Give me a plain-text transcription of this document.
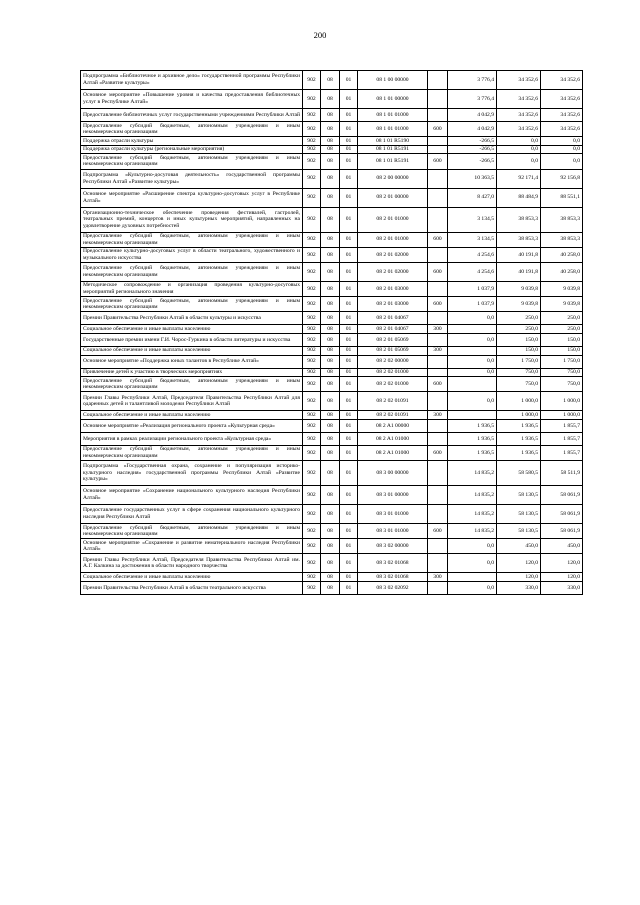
200
Подпрограмма «Библиотечное и архивное дело» государственной программы Республики Алтай «Развитие культуры»	902	08	01	08 1 00 00000		3 776,4	34 352,6	34 352,6
Основное мероприятие «Повышение уровня и качества предоставления библиотечных услуг в Республике Алтай»	902	08	01	08 1 01 00000		3 776,4	34 352,6	34 352,6
Предоставление библиотечных услуг государственными учреждениями Республики Алтай	902	08	01	08 1 01 01000		4 042,9	34 352,6	34 352,6
Предоставление субсидий бюджетным, автономным учреждениям и иным некоммерческим организациям	902	08	01	08 1 01 01000	600	4 042,9	34 352,6	34 352,6
Поддержка отрасли культуры	902	08	01	08 1 01 R5190		-266,5	0,0	0,0
Поддержка отрасли культуры (региональные мероприятия)	902	08	01	08 1 01 R5191		-266,5	0,0	0,0
Предоставление субсидий бюджетным, автономным учреждениям и иным некоммерческим организациям	902	08	01	08 1 01 R5191	600	-266,5	0,0	0,0
Подпрограмма «Культурно-досуговая деятельность» государственной программы Республики Алтай «Развитие культуры»	902	08	01	08 2 00 00000		10 363,5	92 171,4	92 156,8
Основное мероприятие «Расширение спектра культурно-досуговых услуг в Республике Алтай»	902	08	01	08 2 01 00000		8 427,0	88 484,9	88 551,1
Организационно-техническое обеспечение проведения фестивалей, гастролей, театральных премий, концертов и иных культурных мероприятий, направленных на удовлетворение духовных потребностей	902	08	01	08 2 01 01000		3 134,5	38 853,3	38 853,3
Предоставление субсидий бюджетным, автономным учреждениям и иным некоммерческим организациям	902	08	01	08 2 01 01000	600	3 134,5	38 853,3	38 853,3
Предоставление культурно-досуговых услуг в области театрального, художественного и музыкального искусства	902	08	01	08 2 01 02000		4 254,6	40 191,8	40 258,0
Предоставление субсидий бюджетным, автономным учреждениям и иным некоммерческим организациям	902	08	01	08 2 01 02000	600	4 254,6	40 191,8	40 258,0
Методическое сопровождение и организация проведения культурно-досуговых мероприятий регионального значения	902	08	01	08 2 01 03000		1 037,9	9 039,8	9 039,8
Предоставление субсидий бюджетным, автономным учреждениям и иным некоммерческим организациям	902	08	01	08 2 01 03000	600	1 037,9	9 039,8	9 039,8
Премии Правительства Республики Алтай в области культуры и искусства	902	08	01	08 2 01 04067		0,0	250,0	250,0
Социальное обеспечение и иные выплаты населению	902	08	01	08 2 01 04067	300		250,0	250,0
Государственные премии имени Г.И. Чорос-Гуркина в области литературы и искусства	902	08	01	08 2 01 05069		0,0	150,0	150,0
Социальное обеспечение и иные выплаты населению	902	08	01	08 2 01 05069	300		150,0	150,0
Основное мероприятие «Поддержка юных талантов в Республике Алтай»	902	08	01	08 2 02 00000		0,0	1 750,0	1 750,0
Привлечение детей к участию в творческих мероприятиях	902	08	01	08 2 02 01000		0,0	750,0	750,0
Предоставление субсидий бюджетным, автономным учреждениям и иным некоммерческим организациям	902	08	01	08 2 02 01000	600		750,0	750,0
Премии Главы Республики Алтай, Председателя Правительства Республики Алтай для одаренных детей и талантливой молодежи Республики Алтай	902	08	01	08 2 02 01091		0,0	1 000,0	1 000,0
Социальное обеспечение и иные выплаты населению	902	08	01	08 2 02 01091	300		1 000,0	1 000,0
Основное мероприятие «Реализация регионального проекта «Культурная среда»	902	08	01	08 2 A1 00000		1 936,5	1 936,5	1 855,7
Мероприятия в рамках реализации регионального проекта «Культурная среда»	902	08	01	08 2 A1 01000		1 936,5	1 936,5	1 855,7
Предоставление субсидий бюджетным, автономным учреждениям и иным некоммерческим организациям	902	08	01	08 2 A1 01000	600	1 936,5	1 936,5	1 855,7
Подпрограмма «Государственная охрана, сохранение и популяризация историко-культурного наследия» государственной программы Республики Алтай «Развитие культуры»	902	08	01	08 3 00 00000		14 835,2	58 580,5	58 511,9
Основное мероприятие «Сохранение национального культурного наследия Республики Алтай»	902	08	01	08 3 01 00000		14 835,2	58 130,5	58 061,9
Предоставление государственных услуг в сфере сохранения национального культурного наследия Республики Алтай	902	08	01	08 3 01 01000		14 835,2	58 130,5	58 061,9
Предоставление субсидий бюджетным, автономным учреждениям и иным некоммерческим организациям	902	08	01	08 3 01 01000	600	14 835,2	58 130,5	58 061,9
Основное мероприятие «Сохранение и развитие нематериального наследия Республики Алтай»	902	08	01	08 3 02 00000		0,0	450,0	450,0
Премии Главы Республики Алтай, Председателя Правительства Республики Алтай им. А.Г. Калкина за достижения в области народного творчества	902	08	01	08 3 02 01068		0,0	120,0	120,0
Социальное обеспечение и иные выплаты населению	902	08	01	08 3 02 01068	300		120,0	120,0
Премии Правительства Республики Алтай в области театрального искусства	902	08	01	08 3 02 02092		0,0	330,0	330,0
